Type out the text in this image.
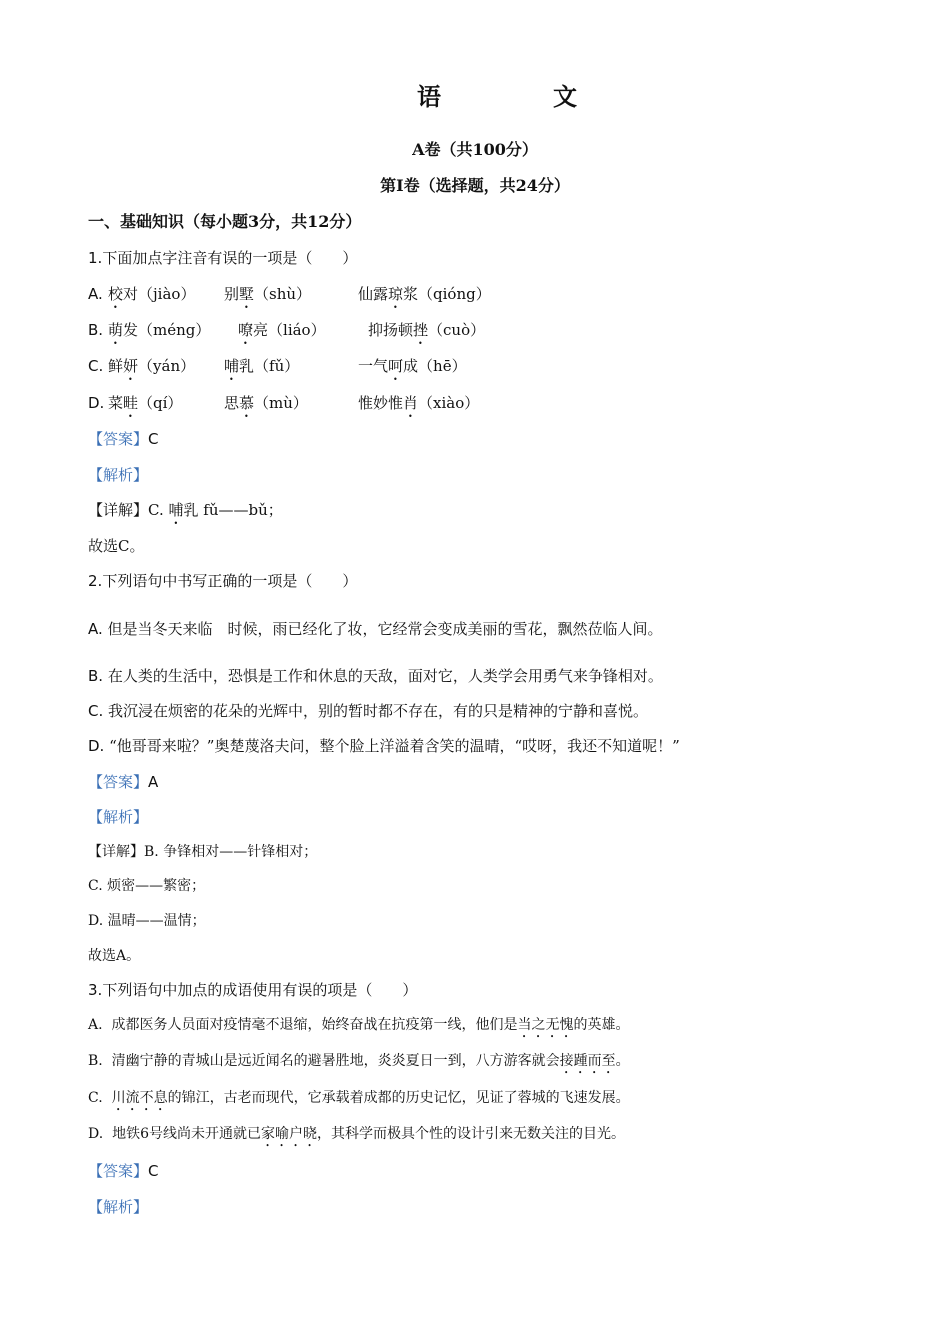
语　文
A卷（共100分）
第Ⅰ卷（选择题，共24分）
一、基础知识（每小题3分，共12分）
1.下面加点字注音有误的一项是（　　）
A. 校对（jiào） 别墅（shù）	仙露琼浆（qióng）
B. 萌发（méng） 嘹亮（liáo）	抑扬顿挫（cuò）
C. 鲜妍（yán） 哺乳（fǔ）	一气呵成（hē）
D. 菜畦（qí）	思慕（mù）	惟妙惟肖（xiào）
【答案】C
【解析】
【详解】C. 哺乳 fǔ——bǔ；
故选C。
2.下列语句中书写正确的一项是（　　）
A. 但是当冬天来临　时候，雨已经化了妆，它经常会变成美丽的雪花，飘然莅临人间。
B. 在人类的生活中，恐惧是工作和休息的天敌，面对它，人类学会用勇气来争锋相对。
C. 我沉浸在烦密的花朵的光辉中，别的暂时都不存在，有的只是精神的宁静和喜悦。
D. “他哥哥来啦？”奥楚蔑洛夫问，整个脸上洋溢着含笑的温晴，“哎呀，我还不知道呢！”
【答案】A
【解析】
【详解】B. 争锋相对——针锋相对；
C. 烦密——繁密；
D. 温晴——温情；
故选A。
3.下列语句中加点的成语使用有误的项是（　　）
A. 成都医务人员面对疫情毫不退缩，始终奋战在抗疫第一线，他们是当之无愧的英雄。
B. 清幽宁静的青城山是远近闻名的避暑胜地，炎炎夏日一到，八方游客就会接踵而至。
C. 川流不息的锦江，古老而现代，它承载着成都的历史记忆，见证了蓉城的飞速发展。
D. 地铁6号线尚未开通就已家喻户晓，其科学而极具个性的设计引来无数关注的目光。
【答案】C
【解析】
